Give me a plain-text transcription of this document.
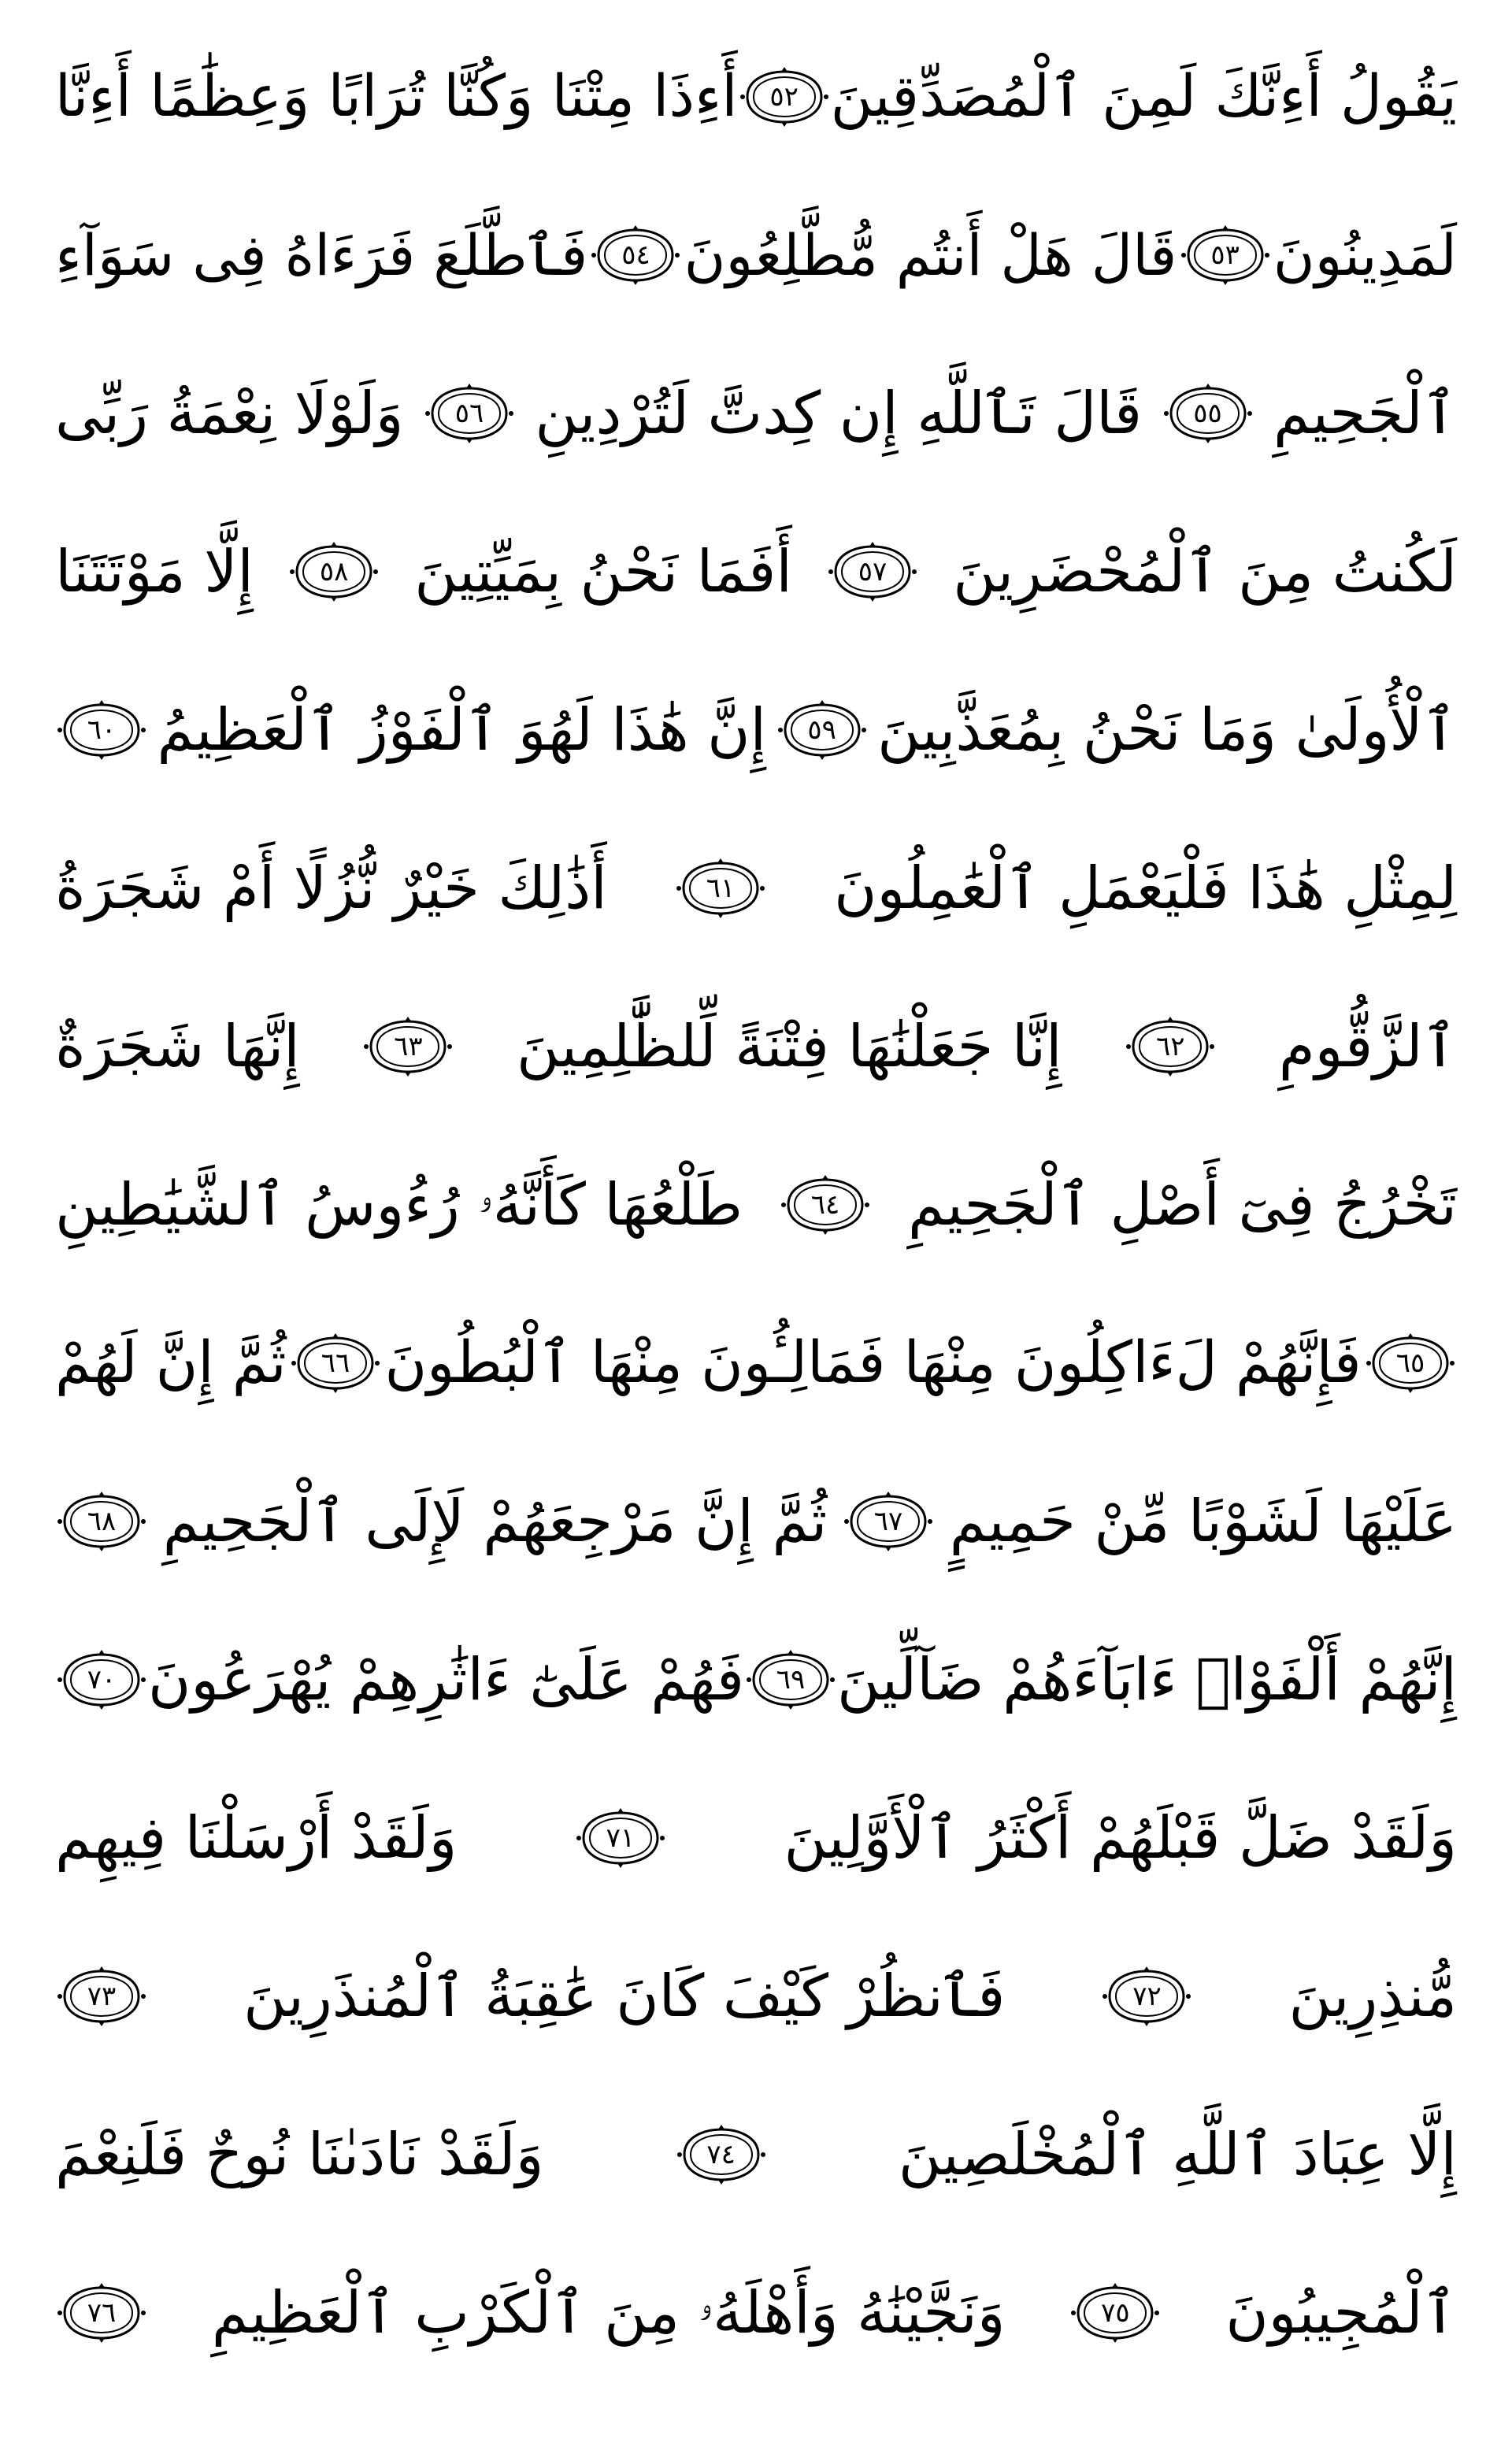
يَقُولُ أَءِنَّكَ لَمِنَ ٱلْمُصَدِّقِينَ
٥٢
أَءِذَا مِتْنَا وَكُنَّا تُرَابًا وَعِظَٰمًا أَءِنَّا
لَمَدِينُونَ
٥٣
قَالَ هَلْ أَنتُم مُّطَّلِعُونَ
٥٤
فَٱطَّلَعَ فَرَءَاهُ فِى سَوَآءِ
ٱلْجَحِيمِ
٥٥
قَالَ تَٱللَّهِ إِن كِدتَّ لَتُرْدِينِ
٥٦
وَلَوْلَا نِعْمَةُ رَبِّى
لَكُنتُ مِنَ ٱلْمُحْضَرِينَ
٥٧
أَفَمَا نَحْنُ بِمَيِّتِينَ
٥٨
إِلَّا مَوْتَتَنَا
ٱلْأُولَىٰ وَمَا نَحْنُ بِمُعَذَّبِينَ
٥٩
إِنَّ هَٰذَا لَهُوَ ٱلْفَوْزُ ٱلْعَظِيمُ
٦٠
لِمِثْلِ هَٰذَا فَلْيَعْمَلِ ٱلْعَٰمِلُونَ
٦١
أَذَٰلِكَ خَيْرٌ نُّزُلًا أَمْ شَجَرَةُ
ٱلزَّقُّومِ
٦٢
إِنَّا جَعَلْنَٰهَا فِتْنَةً لِّلظَّٰلِمِينَ
٦٣
إِنَّهَا شَجَرَةٌ
تَخْرُجُ فِىٓ أَصْلِ ٱلْجَحِيمِ
٦٤
طَلْعُهَا كَأَنَّهُۥ رُءُوسُ ٱلشَّيَٰطِينِ
٦٥
فَإِنَّهُمْ لَءَاكِلُونَ مِنْهَا فَمَالِـُٔونَ مِنْهَا ٱلْبُطُونَ
٦٦
ثُمَّ إِنَّ لَهُمْ
عَلَيْهَا لَشَوْبًا مِّنْ حَمِيمٍ
٦٧
ثُمَّ إِنَّ مَرْجِعَهُمْ لَإِلَى ٱلْجَحِيمِ
٦٨
إِنَّهُمْ أَلْفَوْا۟ ءَابَآءَهُمْ ضَآلِّينَ
٦٩
فَهُمْ عَلَىٰٓ ءَاثَٰرِهِمْ يُهْرَعُونَ
٧٠
وَلَقَدْ ضَلَّ قَبْلَهُمْ أَكْثَرُ ٱلْأَوَّلِينَ
٧١
وَلَقَدْ أَرْسَلْنَا فِيهِم
مُّنذِرِينَ
٧٢
فَٱنظُرْ كَيْفَ كَانَ عَٰقِبَةُ ٱلْمُنذَرِينَ
٧٣
إِلَّا عِبَادَ ٱللَّهِ ٱلْمُخْلَصِينَ
٧٤
وَلَقَدْ نَادَىٰنَا نُوحٌ فَلَنِعْمَ
ٱلْمُجِيبُونَ
٧٥
وَنَجَّيْنَٰهُ وَأَهْلَهُۥ مِنَ ٱلْكَرْبِ ٱلْعَظِيمِ
٧٦
